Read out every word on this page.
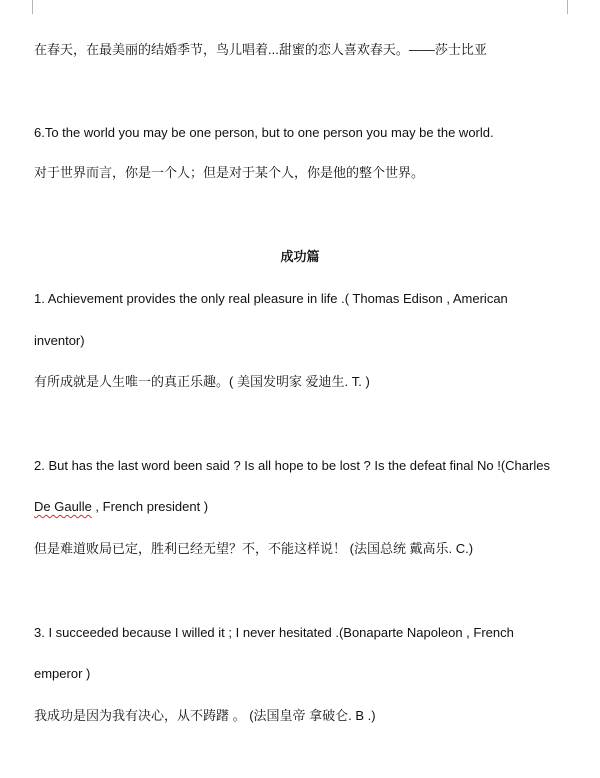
在春天，在最美丽的结婚季节，鸟儿唱着...甜蜜的恋人喜欢春天。——莎士比亚
6.To the world you may be one person, but to one person you may be the world.
对于世界而言，你是一个人；但是对于某个人，你是他的整个世界。
成功篇
1. Achievement provides the only real pleasure in life .( Thomas Edison , American
inventor)
有所成就是人生唯一的真正乐趣。( 美国发明家 爱迪生. T. )
2. But has the last word been said ? Is all hope to be lost ? Is the defeat final No !(Charles
De Gaulle , French president )
但是难道败局已定，胜利已经无望？不，不能这样说！ (法国总统 戴高乐. C.)
3. I succeeded because I willed it ; I never hesitated .(Bonaparte Napoleon , French
emperor )
我成功是因为我有决心，从不踌躇 。 (法国皇帝 拿破仑. B .)
